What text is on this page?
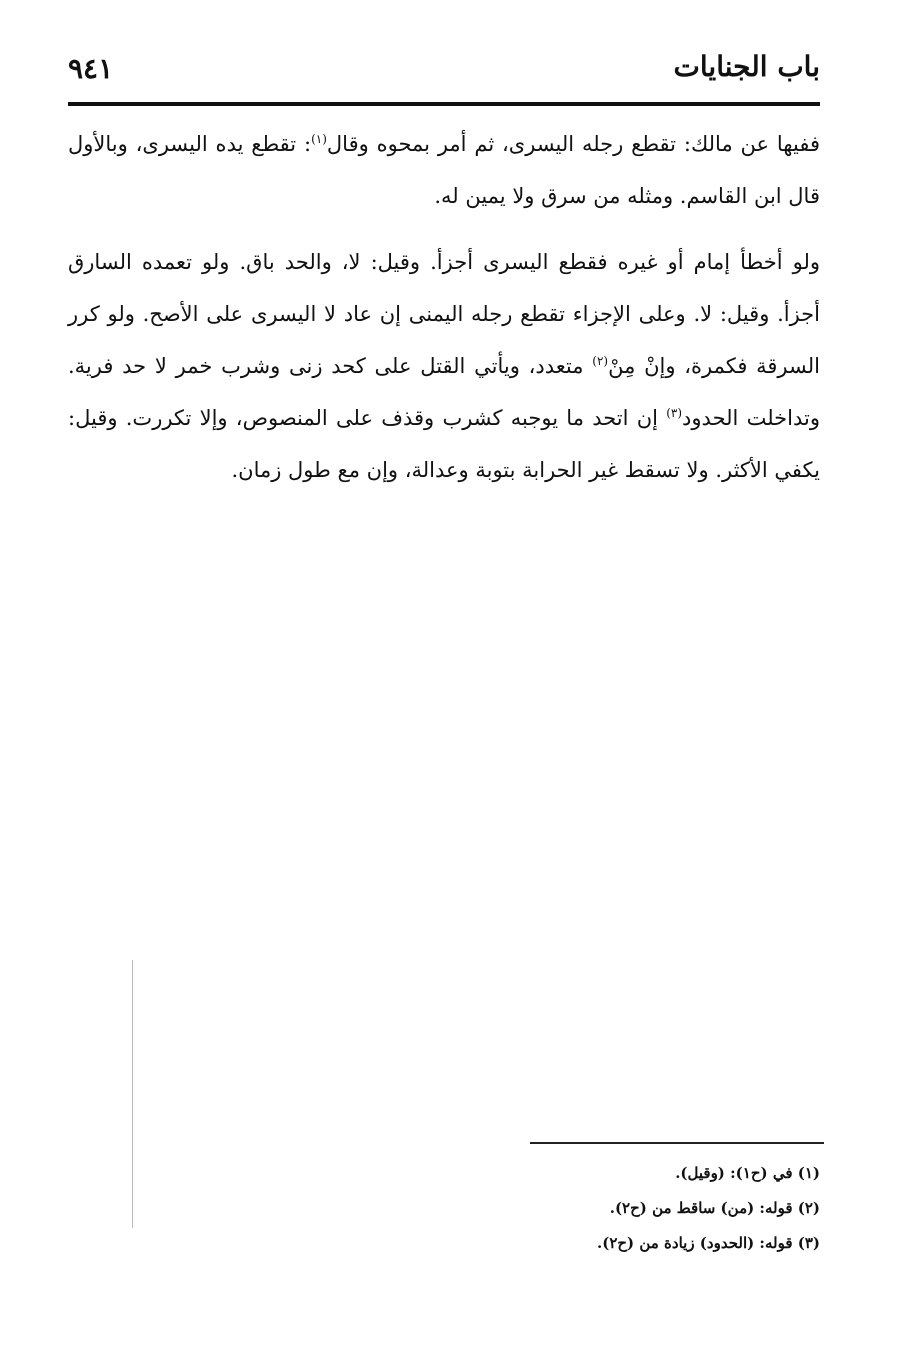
باب الجنايات
٩٤١

ففيها عن مالك: تقطع رجله اليسرى، ثم أمر بمحوه وقال$^{(١)}$: تقطع يده اليسرى، وبالأول قال ابن القاسم. ومثله من سرق ولا يمين له.

ولو أخطأ إمام أو غيره فقطع اليسرى أجزأ. وقيل: لا، والحد باق. ولو تعمده السارق أجزأ. وقيل: لا. وعلى الإجزاء تقطع رجله اليمنى إن عاد لا اليسرى على الأصح. ولو كرر السرقة فكمرة، وإنْ مِنْ$^{(٢)}$ متعدد، ويأتي القتل على كحد زنى وشرب خمر لا حد فرية. وتداخلت الحدود$^{(٣)}$ إن اتحد ما يوجبه كشرب وقذف على المنصوص، وإلا تكررت. وقيل: يكفي الأكثر. ولا تسقط غير الحرابة بتوبة وعدالة، وإن مع طول زمان.

(١) في (ح١): (وقيل).
(٢) قوله: (من) ساقط من (ح٢).
(٣) قوله: (الحدود) زيادة من (ح٢).
